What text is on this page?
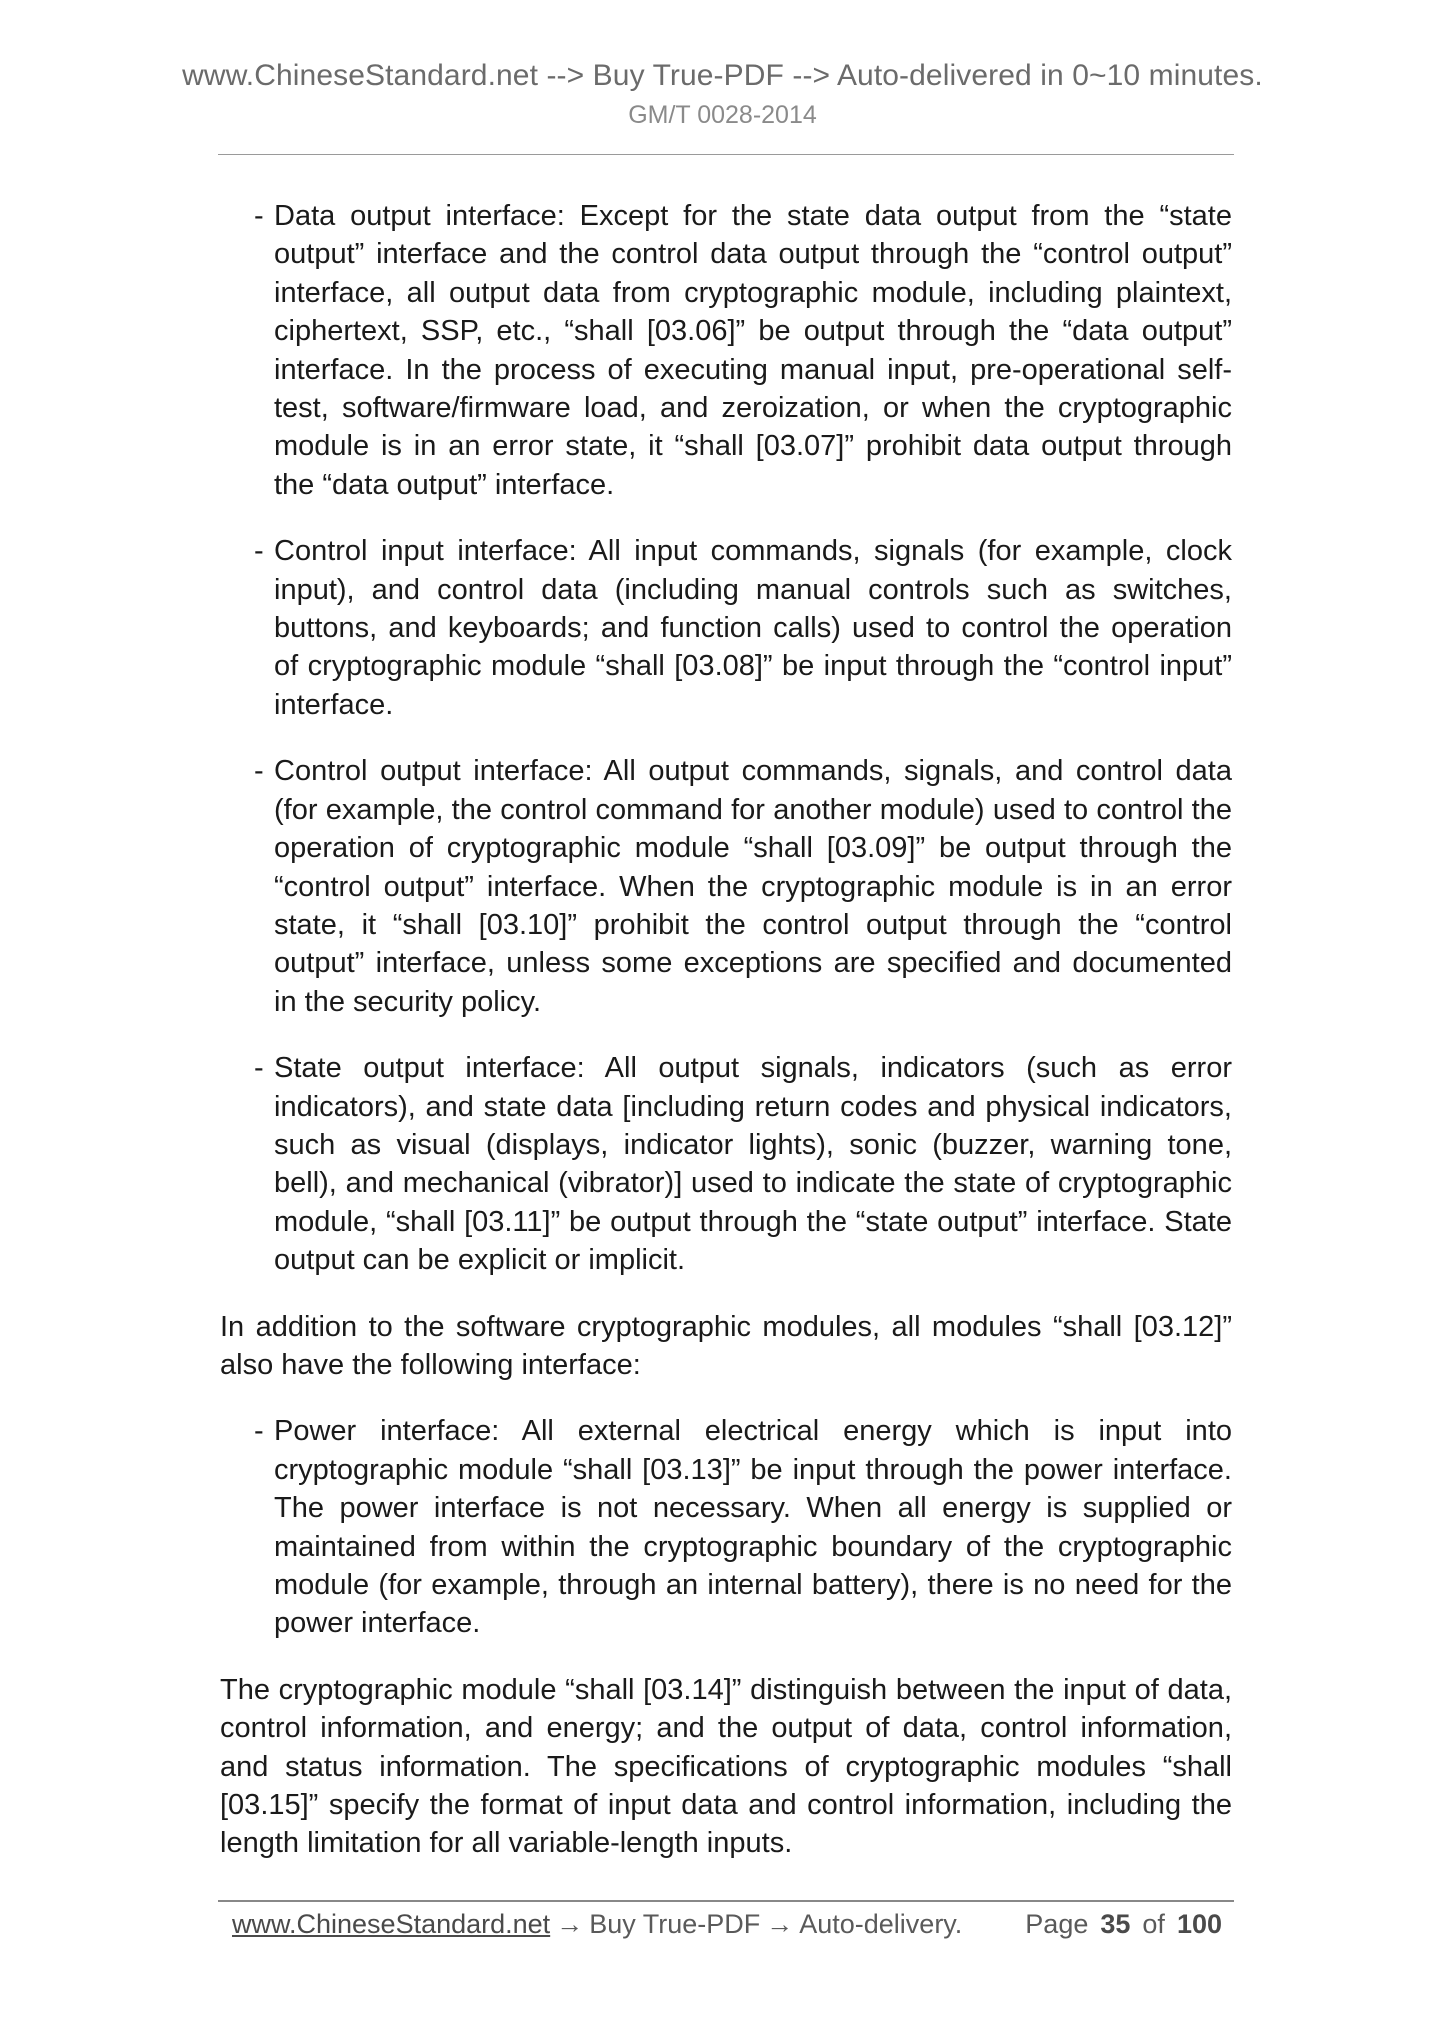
www.ChineseStandard.net --> Buy True-PDF --> Auto-delivered in 0~10 minutes.
GM/T 0028-2014
- Data output interface: Except for the state data output from the “state output” interface and the control data output through the “control output” interface, all output data from cryptographic module, including plaintext, ciphertext, SSP, etc., “shall [03.06]” be output through the “data output” interface. In the process of executing manual input, pre-operational self-test, software/firmware load, and zeroization, or when the cryptographic module is in an error state, it “shall [03.07]” prohibit data output through the “data output” interface.
- Control input interface: All input commands, signals (for example, clock input), and control data (including manual controls such as switches, buttons, and keyboards; and function calls) used to control the operation of cryptographic module “shall [03.08]” be input through the “control input” interface.
- Control output interface: All output commands, signals, and control data (for example, the control command for another module) used to control the operation of cryptographic module “shall [03.09]” be output through the “control output” interface. When the cryptographic module is in an error state, it “shall [03.10]” prohibit the control output through the “control output” interface, unless some exceptions are specified and documented in the security policy.
- State output interface: All output signals, indicators (such as error indicators), and state data [including return codes and physical indicators, such as visual (displays, indicator lights), sonic (buzzer, warning tone, bell), and mechanical (vibrator)] used to indicate the state of cryptographic module, “shall [03.11]” be output through the “state output” interface. State output can be explicit or implicit.
In addition to the software cryptographic modules, all modules “shall [03.12]” also have the following interface:
- Power interface: All external electrical energy which is input into cryptographic module “shall [03.13]” be input through the power interface. The power interface is not necessary. When all energy is supplied or maintained from within the cryptographic boundary of the cryptographic module (for example, through an internal battery), there is no need for the power interface.
The cryptographic module “shall [03.14]” distinguish between the input of data, control information, and energy; and the output of data, control information, and status information. The specifications of cryptographic modules “shall [03.15]” specify the format of input data and control information, including the length limitation for all variable-length inputs.
www.ChineseStandard.net → Buy True-PDF → Auto-delivery. Page 35 of 100
